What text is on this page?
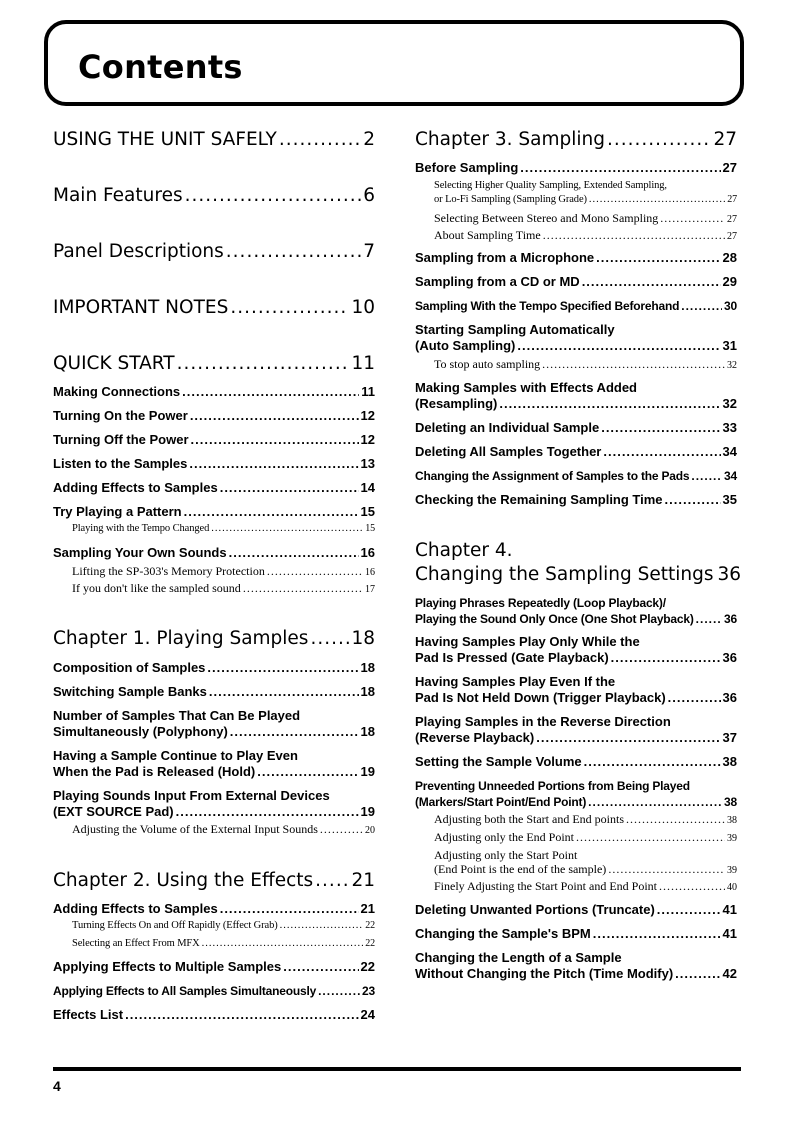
Contents
USING THE UNIT SAFELY .....	2
Main Features .....	6
Panel Descriptions .....	7
IMPORTANT NOTES .....	10
QUICK START .....	11
Making Connections .....	11
Turning On the Power .....	12
Turning Off the Power .....	12
Listen to the Samples .....	13
Adding Effects to Samples .....	14
Try Playing a Pattern .....	15
Playing with the Tempo Changed .....	15
Sampling Your Own Sounds .....	16
Lifting the SP-303's Memory Protection .....	16
If you don't like the sampled sound .....	17
Chapter 1. Playing Samples ..... 18
Composition of Samples .....	18
Switching Sample Banks .....	18
Number of Samples That Can Be Played
Simultaneously (Polyphony) .....	18
Having a Sample Continue to Play Even
When the Pad is Released (Hold) .....	19
Playing Sounds Input From External Devices
(EXT SOURCE Pad) .....	19
Adjusting the Volume of the External Input Sounds .....	20
Chapter 2. Using the Effects ..... 21
Adding Effects to Samples .....	21
Turning Effects On and Off Rapidly (Effect Grab) .....	22
Selecting an Effect From MFX .....	22
Applying Effects to Multiple Samples .....	22
Applying Effects to All Samples Simultaneously .....	23
Effects List .....	24
Chapter 3. Sampling .....	27
Before Sampling .....	27
Selecting Higher Quality Sampling, Extended Sampling,
or Lo-Fi Sampling (Sampling Grade) .....	27
Selecting Between Stereo and Mono Sampling .....	27
About Sampling Time .....	27
Sampling from a Microphone .....	28
Sampling from a CD or MD .....	29
Sampling With the Tempo Specified Beforehand .....	30
Starting Sampling Automatically
(Auto Sampling) .....	31
To stop auto sampling .....	32
Making Samples with Effects Added
(Resampling) .....	32
Deleting an Individual Sample .....	33
Deleting All Samples Together .....	34
Changing the Assignment of Samples to the Pads .....	34
Checking the Remaining Sampling Time .....	35
Chapter 4.
Changing the Sampling Settings 36
Playing Phrases Repeatedly (Loop Playback)/
Playing the Sound Only Once (One Shot Playback) .....	36
Having Samples Play Only While the
Pad Is Pressed (Gate Playback) .....	36
Having Samples Play Even If the
Pad Is Not Held Down (Trigger Playback) .....	36
Playing Samples in the Reverse Direction
(Reverse Playback) .....	37
Setting the Sample Volume .....	38
Preventing Unneeded Portions from Being Played
(Markers/Start Point/End Point) .....	38
Adjusting both the Start and End points .....	38
Adjusting only the End Point .....	39
Adjusting only the Start Point
(End Point is the end of the sample) .....	39
Finely Adjusting the Start Point and End Point .....	40
Deleting Unwanted Portions (Truncate) .....	41
Changing the Sample's BPM .....	41
Changing the Length of a Sample
Without Changing the Pitch (Time Modify) .....	42
4
